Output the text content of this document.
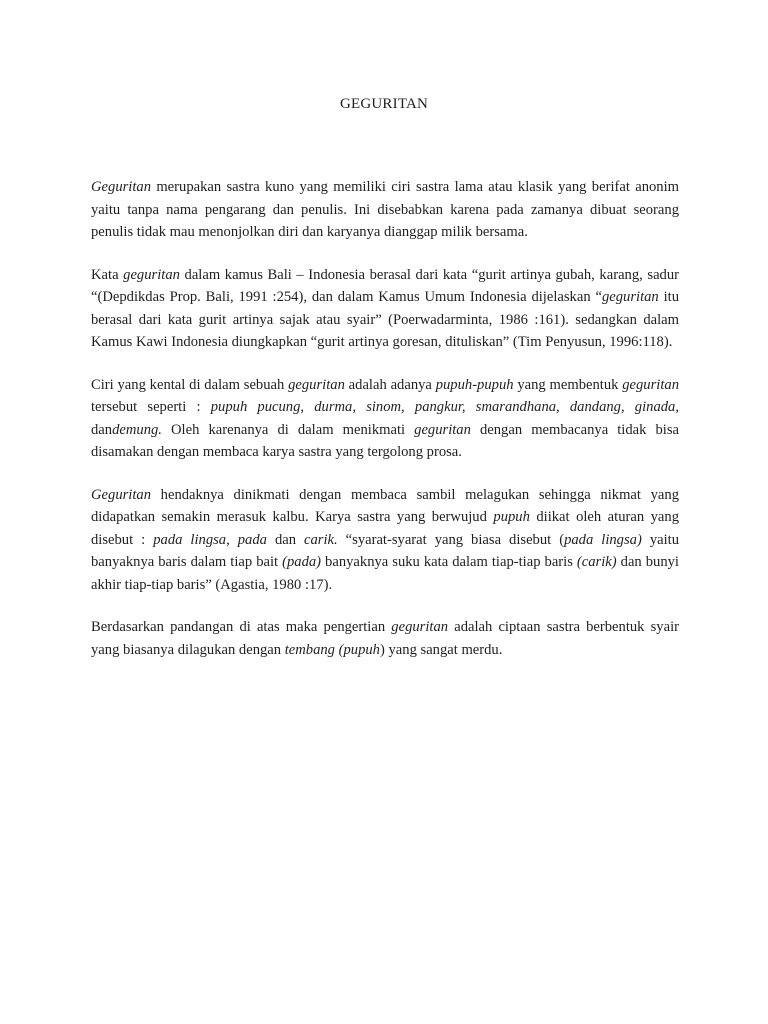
GEGURITAN

Geguritan merupakan sastra kuno yang memiliki ciri sastra lama atau klasik yang berifat anonim yaitu tanpa nama pengarang dan penulis. Ini disebabkan karena pada zamanya dibuat seorang penulis tidak mau menonjolkan diri dan karyanya dianggap milik bersama.

Kata geguritan dalam kamus Bali – Indonesia berasal dari kata “gurit artinya gubah, karang, sadur “(Depdikdas Prop. Bali, 1991 :254), dan dalam Kamus Umum Indonesia dijelaskan “geguritan itu berasal dari kata gurit artinya sajak atau syair” (Poerwadarminta, 1986 :161). sedangkan dalam Kamus Kawi Indonesia diungkapkan “gurit artinya goresan, dituliskan” (Tim Penyusun, 1996:118).

Ciri yang kental di dalam sebuah geguritan adalah adanya pupuh-pupuh yang membentuk geguritan tersebut seperti : pupuh pucung, durma, sinom, pangkur, smarandhana, dandang, ginada, dandemung. Oleh karenanya di dalam menikmati geguritan dengan membacanya tidak bisa disamakan dengan membaca karya sastra yang tergolong prosa.

Geguritan hendaknya dinikmati dengan membaca sambil melagukan sehingga nikmat yang didapatkan semakin merasuk kalbu. Karya sastra yang berwujud pupuh diikat oleh aturan yang disebut : pada lingsa, pada dan carik. “syarat-syarat yang biasa disebut (pada lingsa) yaitu banyaknya baris dalam tiap bait (pada) banyaknya suku kata dalam tiap-tiap baris (carik) dan bunyi akhir tiap-tiap baris” (Agastia, 1980 :17).

Berdasarkan pandangan di atas maka pengertian geguritan adalah ciptaan sastra berbentuk syair yang biasanya dilagukan dengan tembang (pupuh) yang sangat merdu.
